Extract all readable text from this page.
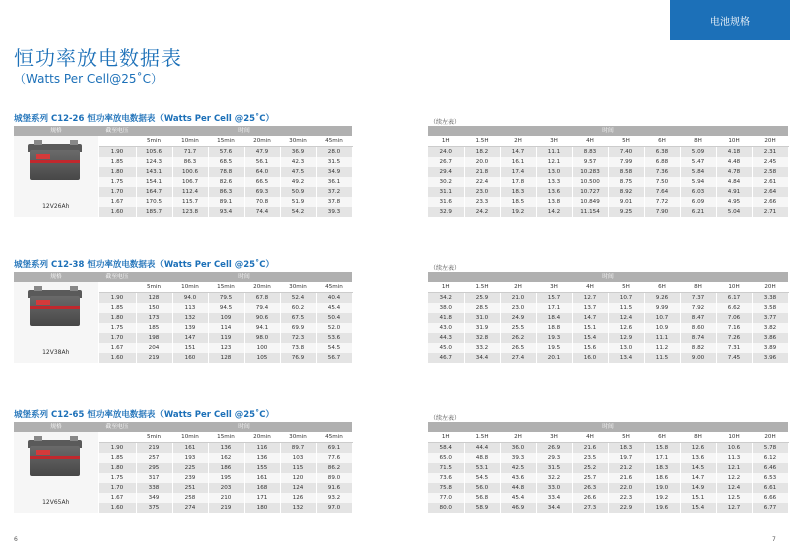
电池规格
恒功率放电数据表
（Watts Per Cell@25˚C）
城堡系列 C12-26 恒功率放电数据表（Watts Per Cell @25˚C）	（续左表）
规格	截至电压	时间					

12V26Ah		5min	10min	15min	20min	30min	45min
	1.90	105.6	71.7	57.6	47.9	36.9	28.0
	1.85	124.3	86.3	68.5	56.1	42.3	31.5
	1.80	143.1	100.6	78.8	64.0	47.5	34.9
	1.75	154.1	106.7	82.6	66.5	49.2	36.1
	1.70	164.7	112.4	86.3	69.3	50.9	37.2
	1.67	170.5	115.7	89.1	70.8	51.9	37.8
	1.60	185.7	123.8	93.4	74.4	54.2	39.3
时间									
1H	1.5H	2H	3H	4H	5H	6H	8H	10H	20H
24.0	18.2	14.7	11.1	8.83	7.40	6.38	5.09	4.18	2.31
26.7	20.0	16.1	12.1	9.57	7.99	6.88	5.47	4.48	2.45
29.4	21.8	17.4	13.0	10.283	8.58	7.36	5.84	4.78	2.58
30.2	22.4	17.8	13.3	10.500	8.75	7.50	5.94	4.84	2.61
31.1	23.0	18.3	13.6	10.727	8.92	7.64	6.03	4.91	2.64
31.6	23.3	18.5	13.8	10.849	9.01	7.72	6.09	4.95	2.66
32.9	24.2	19.2	14.2	11.154	9.25	7.90	6.21	5.04	2.71
城堡系列 C12-38 恒功率放电数据表（Watts Per Cell @25˚C）	（续左表）
规格	截至电压	时间					

12V38Ah		5min	10min	15min	20min	30min	45min
	1.90	128	94.0	79.5	67.8	52.4	40.4
	1.85	150	113	94.5	79.4	60.2	45.4
	1.80	173	132	109	90.6	67.5	50.4
	1.75	185	139	114	94.1	69.9	52.0
	1.70	198	147	119	98.0	72.3	53.6
	1.67	204	151	123	100	73.8	54.5
	1.60	219	160	128	105	76.9	56.7
时间									
1H	1.5H	2H	3H	4H	5H	6H	8H	10H	20H
34.2	25.9	21.0	15.7	12.7	10.7	9.26	7.37	6.17	3.38
38.0	28.5	23.0	17.1	13.7	11.5	9.99	7.92	6.62	3.58
41.8	31.0	24.9	18.4	14.7	12.4	10.7	8.47	7.06	3.77
43.0	31.9	25.5	18.8	15.1	12.6	10.9	8.60	7.16	3.82
44.3	32.8	26.2	19.3	15.4	12.9	11.1	8.74	7.26	3.86
45.0	33.2	26.5	19.5	15.6	13.0	11.2	8.82	7.31	3.89
46.7	34.4	27.4	20.1	16.0	13.4	11.5	9.00	7.45	3.96
城堡系列 C12-65 恒功率放电数据表（Watts Per Cell @25˚C）	（续左表）
规格	截至电压	时间					

12V65Ah		5min	10min	15min	20min	30min	45min
	1.90	219	161	136	116	89.7	69.1
	1.85	257	193	162	136	103	77.6
	1.80	295	225	186	155	115	86.2
	1.75	317	239	195	161	120	89.0
	1.70	338	251	203	168	124	91.6
	1.67	349	258	210	171	126	93.2
	1.60	375	274	219	180	132	97.0
时间									
1H	1.5H	2H	3H	4H	5H	6H	8H	10H	20H
58.4	44.4	36.0	26.9	21.6	18.3	15.8	12.6	10.6	5.78
65.0	48.8	39.3	29.3	23.5	19.7	17.1	13.6	11.3	6.12
71.5	53.1	42.5	31.5	25.2	21.2	18.3	14.5	12.1	6.46
73.6	54.5	43.6	32.2	25.7	21.6	18.6	14.7	12.2	6.53
75.8	56.0	44.8	33.0	26.3	22.0	19.0	14.9	12.4	6.61
77.0	56.8	45.4	33.4	26.6	22.3	19.2	15.1	12.5	6.66
80.0	58.9	46.9	34.4	27.3	22.9	19.6	15.4	12.7	6.77
6	7
